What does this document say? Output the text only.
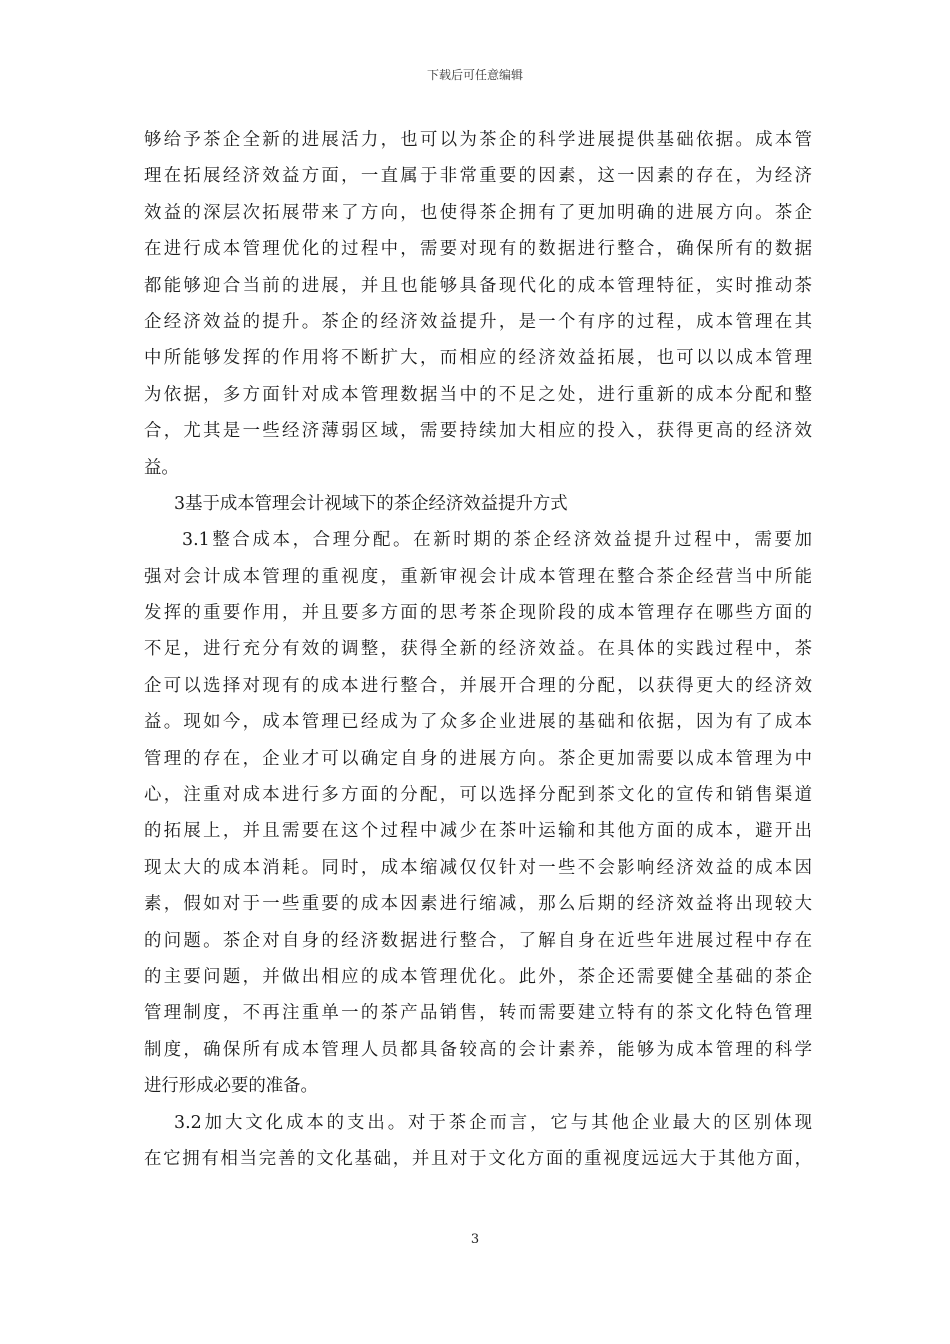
下载后可任意编辑
够给予茶企全新的进展活力，也可以为茶企的科学进展提供基础依据。成本管
理在拓展经济效益方面，一直属于非常重要的因素，这一因素的存在，为经济
效益的深层次拓展带来了方向，也使得茶企拥有了更加明确的进展方向。茶企
在进行成本管理优化的过程中，需要对现有的数据进行整合，确保所有的数据
都能够迎合当前的进展，并且也能够具备现代化的成本管理特征，实时推动茶
企经济效益的提升。茶企的经济效益提升，是一个有序的过程，成本管理在其
中所能够发挥的作用将不断扩大，而相应的经济效益拓展，也可以以成本管理
为依据，多方面针对成本管理数据当中的不足之处，进行重新的成本分配和整
合，尤其是一些经济薄弱区域，需要持续加大相应的投入，获得更高的经济效
益。
3基于成本管理会计视域下的茶企经济效益提升方式
3.1整合成本，合理分配。在新时期的茶企经济效益提升过程中，需要加
强对会计成本管理的重视度，重新审视会计成本管理在整合茶企经营当中所能
发挥的重要作用，并且要多方面的思考茶企现阶段的成本管理存在哪些方面的
不足，进行充分有效的调整，获得全新的经济效益。在具体的实践过程中，茶
企可以选择对现有的成本进行整合，并展开合理的分配，以获得更大的经济效
益。现如今，成本管理已经成为了众多企业进展的基础和依据，因为有了成本
管理的存在，企业才可以确定自身的进展方向。茶企更加需要以成本管理为中
心，注重对成本进行多方面的分配，可以选择分配到茶文化的宣传和销售渠道
的拓展上，并且需要在这个过程中减少在茶叶运输和其他方面的成本，避开出
现太大的成本消耗。同时，成本缩减仅仅针对一些不会影响经济效益的成本因
素，假如对于一些重要的成本因素进行缩减，那么后期的经济效益将出现较大
的问题。茶企对自身的经济数据进行整合，了解自身在近些年进展过程中存在
的主要问题，并做出相应的成本管理优化。此外，茶企还需要健全基础的茶企
管理制度，不再注重单一的茶产品销售，转而需要建立特有的茶文化特色管理
制度，确保所有成本管理人员都具备较高的会计素养，能够为成本管理的科学
进行形成必要的准备。
3.2加大文化成本的支出。对于茶企而言，它与其他企业最大的区别体现
在它拥有相当完善的文化基础，并且对于文化方面的重视度远远大于其他方面，
3
